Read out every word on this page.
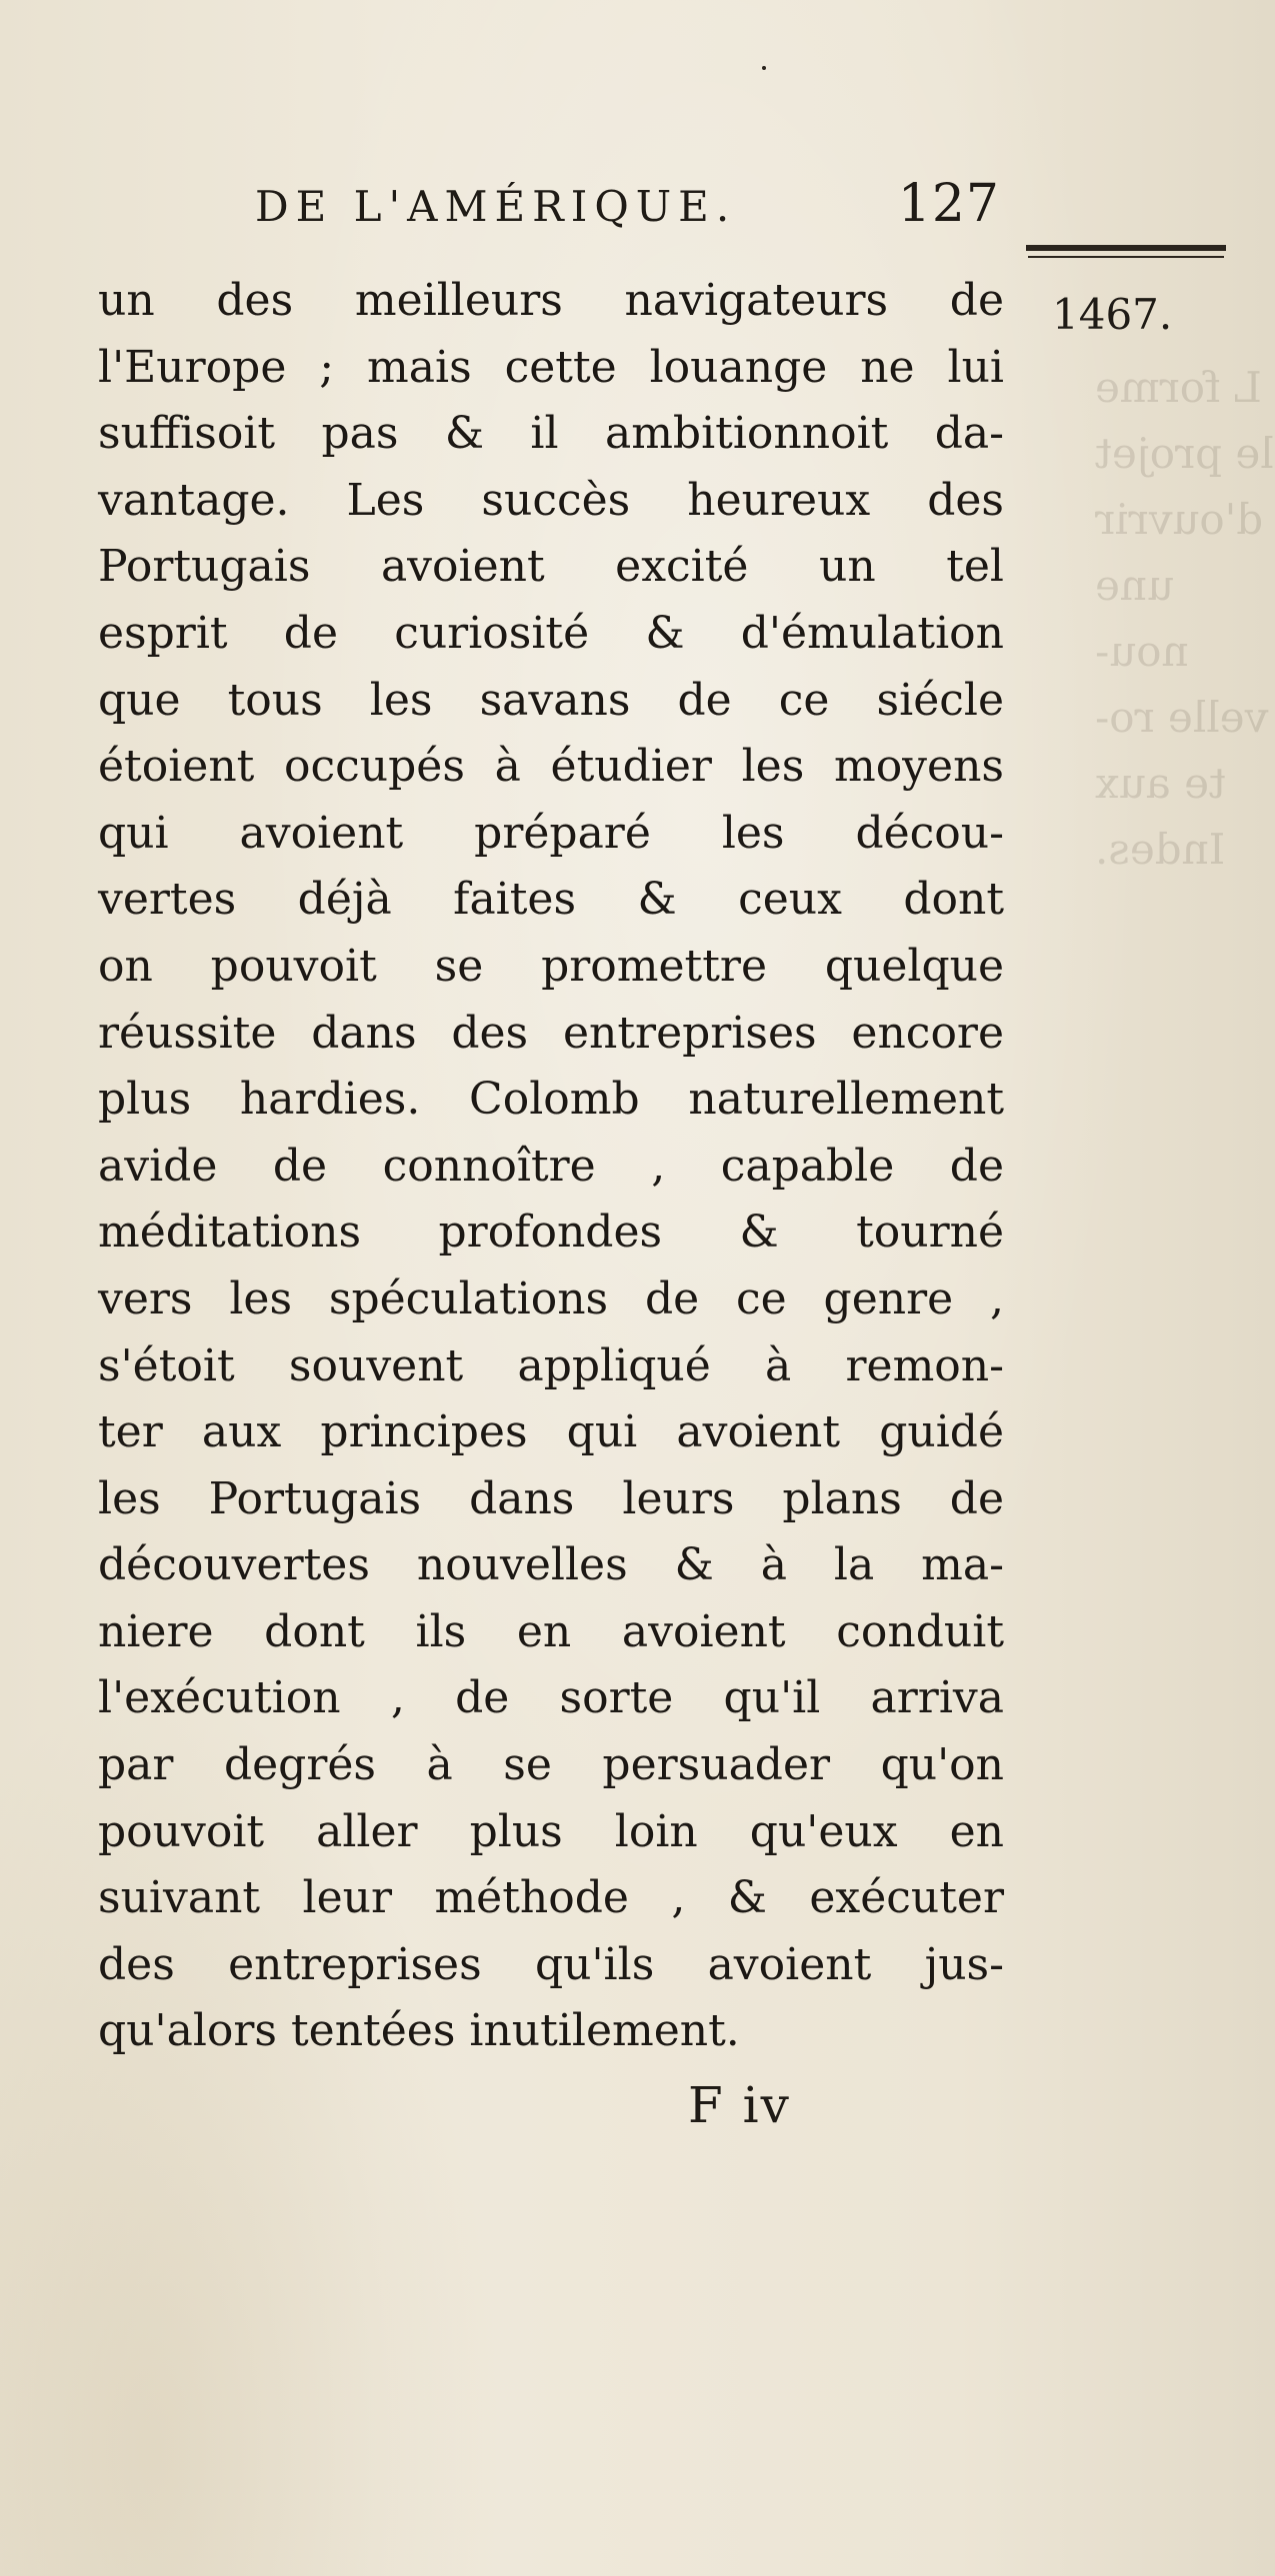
L forme
le projet
d'ouvrir
une nou-
velle ro-
te aux
Indes.
DE L'AMÉRIQUE.	127
1467.
un des meilleurs navigateurs de
l'Europe ; mais cette louange ne lui
suffisoit pas & il ambitionnoit da-
vantage. Les succès heureux des
Portugais avoient excité un tel
esprit de curiosité & d'émulation
que tous les savans de ce siécle
étoient occupés à étudier les moyens
qui avoient préparé les décou-
vertes déjà faites & ceux dont
on pouvoit se promettre quelque
réussite dans des entreprises encore
plus hardies. Colomb naturellement
avide de connoître , capable de
méditations profondes & tourné
vers les spéculations de ce genre ,
s'étoit souvent appliqué à remon-
ter aux principes qui avoient guidé
les Portugais dans leurs plans de
découvertes nouvelles & à la ma-
niere dont ils en avoient conduit
l'exécution , de sorte qu'il arriva
par degrés à se persuader qu'on
pouvoit aller plus loin qu'eux en
suivant leur méthode , & exécuter
des entreprises qu'ils avoient jus-
qu'alors tentées inutilement.
F iv
